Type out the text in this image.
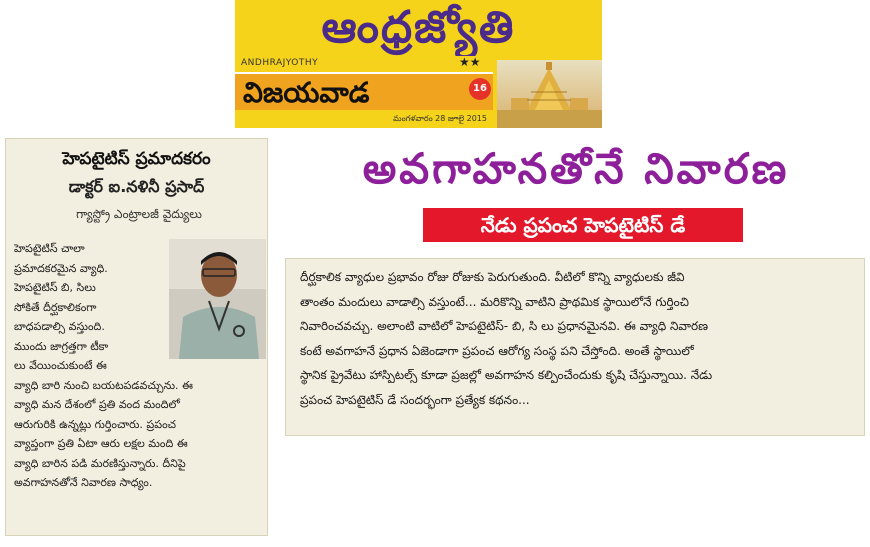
ఆంధ్రజ్యోతి
ANDHRAJYOTHY	★★
విజయవాడ	16
మంగళవారం 28 జూలై 2015
హెపటైటిస్ ప్రమాదకరం
డాక్టర్ ఐ.నళినీ ప్రసాద్
గ్యాస్ట్రో ఎంట్రాలజీ వైద్యులు
హెపటైటిస్ చాలా
ప్రమాదకరమైన వ్యాధి.
హెపటైటిస్ బి, సిలు
సోకితే దీర్ఘకాలికంగా
బాధపడాల్సి వస్తుంది.
ముందు జాగ్రత్తగా టీకా
లు వేయించుకుంటే ఈ
వ్యాధి బారి నుంచి బయటపడవచ్చును. ఈ
వ్యాధి మన దేశంలో ప్రతి వంద మందిలో
ఆరుగురికి ఉన్నట్లు గుర్తించారు. ప్రపంచ
వ్యాప్తంగా ప్రతి ఏటా ఆరు లక్షల మంది ఈ
వ్యాధి బారిన పడి మరణిస్తున్నారు. దీనిపై
అవగాహనతోనే నివారణ సాధ్యం.
అవగాహనతోనే నివారణ
నేడు ప్రపంచ హెపటైటిస్ డే
దీర్ఘకాలిక వ్యాధుల ప్రభావం రోజు రోజుకు పెరుగుతుంది. వీటిలో కొన్ని వ్యాధులకు జీవి
తాంతం మందులు వాడాల్సి వస్తుంటే... మరికొన్ని వాటిని ప్రాథమిక స్థాయిలోనే గుర్తించి
నివారించవచ్చు. అలాంటి వాటిలో హెపటైటిస్- బి, సి లు ప్రధానమైనవి. ఈ వ్యాధి నివారణ
కంటే అవగాహనే ప్రధాన ఏజెండాగా ప్రపంచ ఆరోగ్య సంస్థ పని చేస్తోంది. అంతే స్థాయిలో
స్థానిక ప్రైవేటు హాస్పిటల్స్ కూడా ప్రజల్లో అవగాహన కల్పించేందుకు కృషి చేస్తున్నాయి. నేడు
ప్రపంచ హెపటైటిస్ డే సందర్భంగా ప్రత్యేక కథనం...
